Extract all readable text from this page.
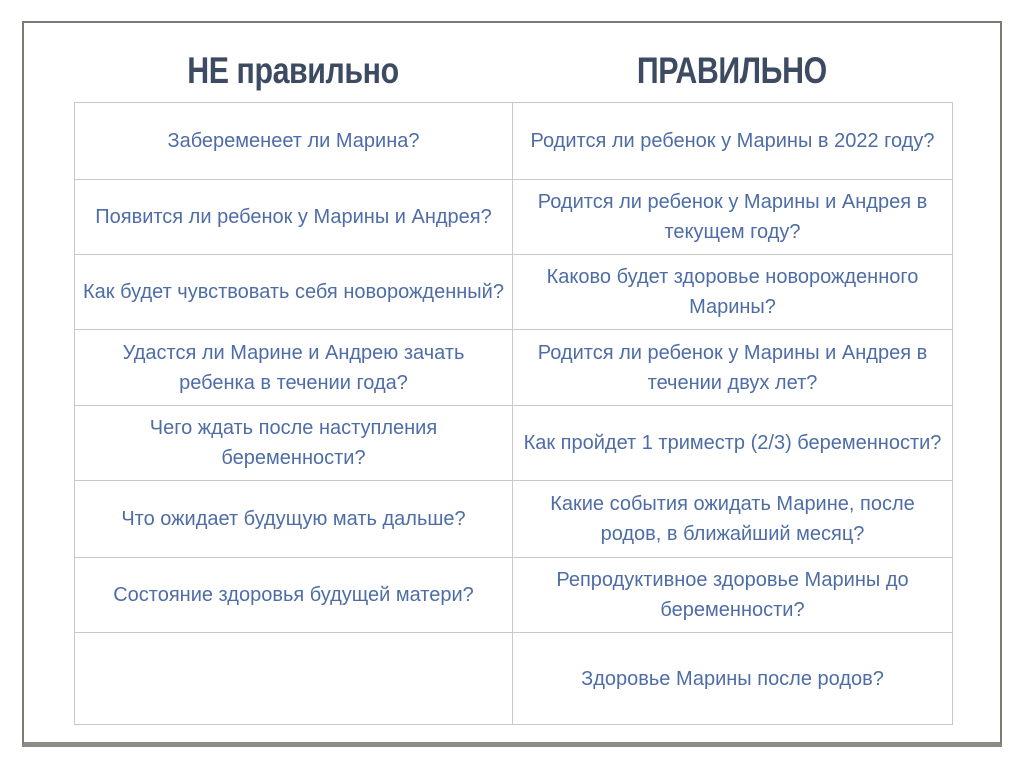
НЕ правильно	ПРАВИЛЬНО
Забеременеет ли Марина?	Родится ли ребенок у Марины в 2022 году?
Появится ли ребенок у Марины и Андрея?	Родится ли ребенок у Марины и Андрея в текущем году?
Как будет чувствовать себя новорожденный?	Каково будет здоровье новорожденного Марины?
Удастся ли Марине и Андрею зачать ребенка в течении года?	Родится ли ребенок у Марины и Андрея в течении двух лет?
Чего ждать после наступления беременности?	Как пройдет 1 триместр (2/3) беременности?
Что ожидает будущую мать дальше?	Какие события ожидать Марине, после родов, в ближайший месяц?
Состояние здоровья будущей матери?	Репродуктивное здоровье Марины до беременности?
	Здоровье Марины после родов?
